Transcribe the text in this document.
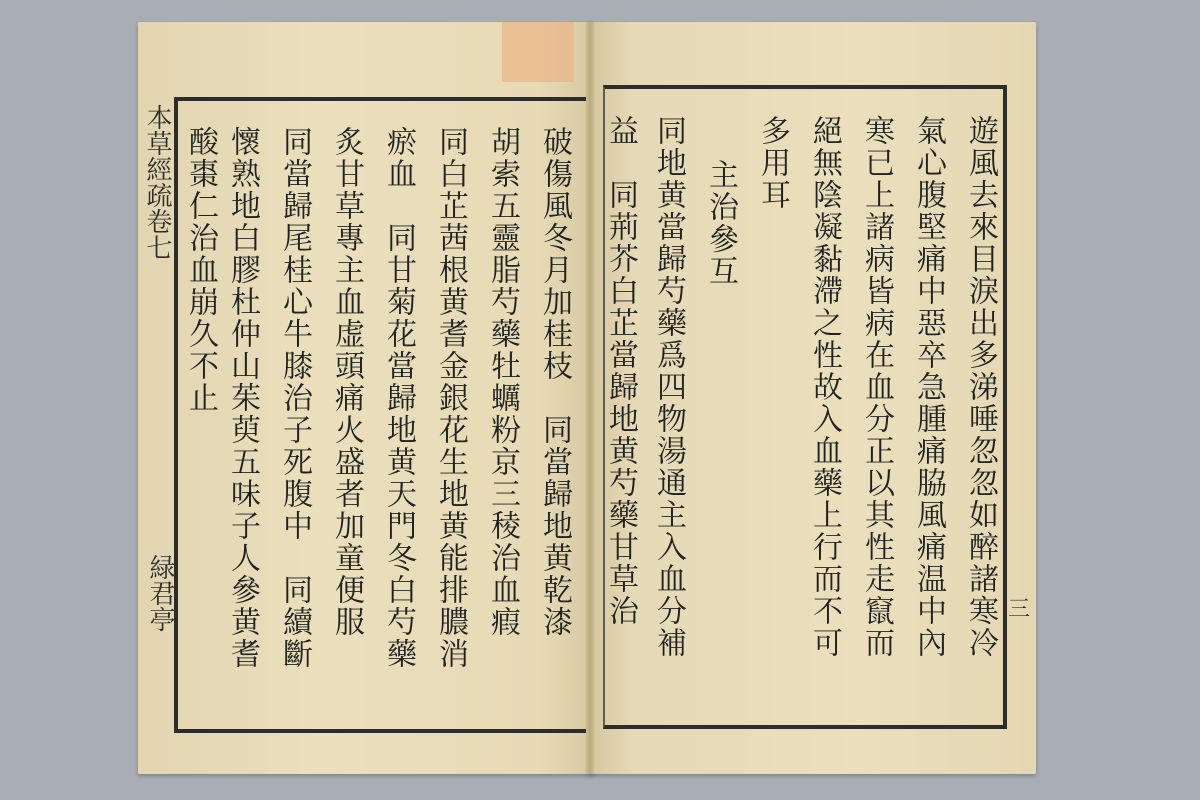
本草經疏卷七
緑君亭	破傷風冬月加桂枝　同當歸地黄乾漆
胡索五靈脂芍藥牡蠣粉京三稜治血瘕
同白芷茜根黄耆金銀花生地黄能排膿消
瘀血　同甘菊花當歸地黄天門冬白芍藥
炙甘草專主血虚頭痛火盛者加童便服
同當歸尾桂心牛膝治子死腹中　同續斷
懷熟地白膠杜仲山茱萸五味子人參黄耆
酸棗仁治血崩久不止	遊風去來目淚出多涕唾忽忽如醉諸寒冷
氣心腹堅痛中惡卒急腫痛脇風痛温中內
寒已上諸病皆病在血分正以其性走竄而
絕無陰凝黏滯之性故入血藥上行而不可
多用耳
主治參互
同地黄當歸芍藥爲四物湯通主入血分補
益　同荊芥白芷當歸地黄芍藥甘草治	三
